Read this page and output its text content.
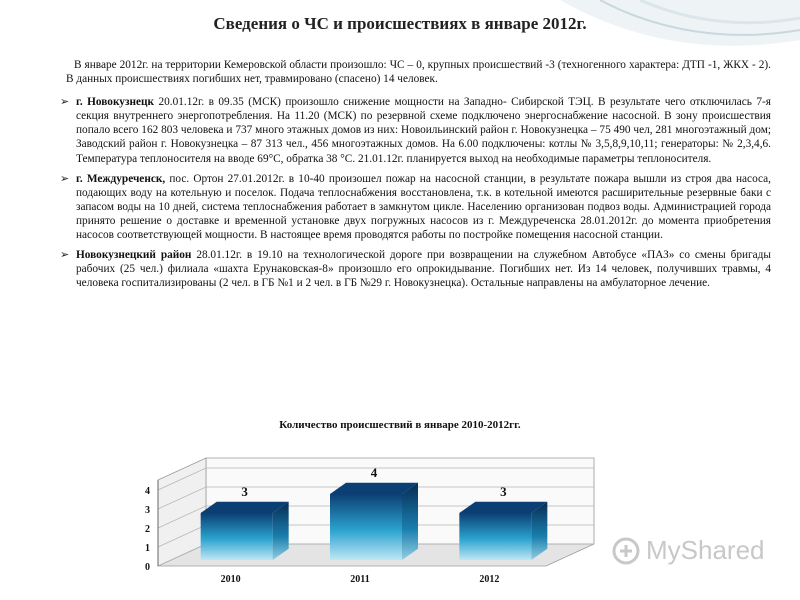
Сведения о ЧС и происшествиях в январе 2012г.

В январе 2012г. на территории Кемеровской области произошло: ЧС – 0, крупных происшествий -3 (техногенного характера: ДТП -1, ЖКХ - 2). В данных происшествиях погибших нет, травмировано (спасено) 14 человек.

➢ г. Новокузнецк 20.01.12г. в 09.35 (МСК) произошло снижение мощности на Западно- Сибирской ТЭЦ. В результате чего отключилась 7-я секция внутреннего энергопотребления. На 11.20 (МСК) по резервной схеме подключено энергоснабжение насосной. В зону происшествия попало всего 162 803 человека и 737 много этажных домов из них: Новоильинский район г. Новокузнецка – 75 490 чел, 281 многоэтажный дом; Заводский район г. Новокузнецка – 87 313 чел., 456 многоэтажных домов. На 6.00 подключены: котлы № 3,5,8,9,10,11; генераторы: № 2,3,4,6. Температура теплоносителя на вводе 69°С, обратка 38 °С. 21.01.12г. планируется выход на необходимые параметры теплоносителя.
➢ г. Междуреченск, пос. Ортон 27.01.2012г. в 10-40 произошел пожар на насосной станции, в результате пожара вышли из строя два насоса, подающих воду на котельную и поселок. Подача теплоснабжения восстановлена, т.к. в котельной имеются расширительные резервные баки с запасом воды на 10 дней, система теплоснабжения работает в замкнутом цикле. Населению организован подвоз воды. Администрацией города принято решение о доставке и временной установке двух погружных насосов из г. Междуреченска 28.01.2012г. до момента приобретения насосов соответствующей мощности. В настоящее время проводятся работы по постройке помещения насосной станции.
➢ Новокузнецкий район 28.01.12г. в 19.10 на технологической дороге при возвращении на служебном Автобусе «ПАЗ» со смены бригады рабочих (25 чел.) филиала «шахта Ерунаковская-8» произошло его опрокидывание. Погибших нет. Из 14 человек, получивших травмы, 4 человека госпитализированы (2 чел. в ГБ №1 и 2 чел. в ГБ №29 г. Новокузнецка). Остальные направлены на амбулаторное лечение.
Количество происшествий в январе 2010-2012гг.
0
1
2
3
4	3
2010
4
2011
3
2012
MyShared
